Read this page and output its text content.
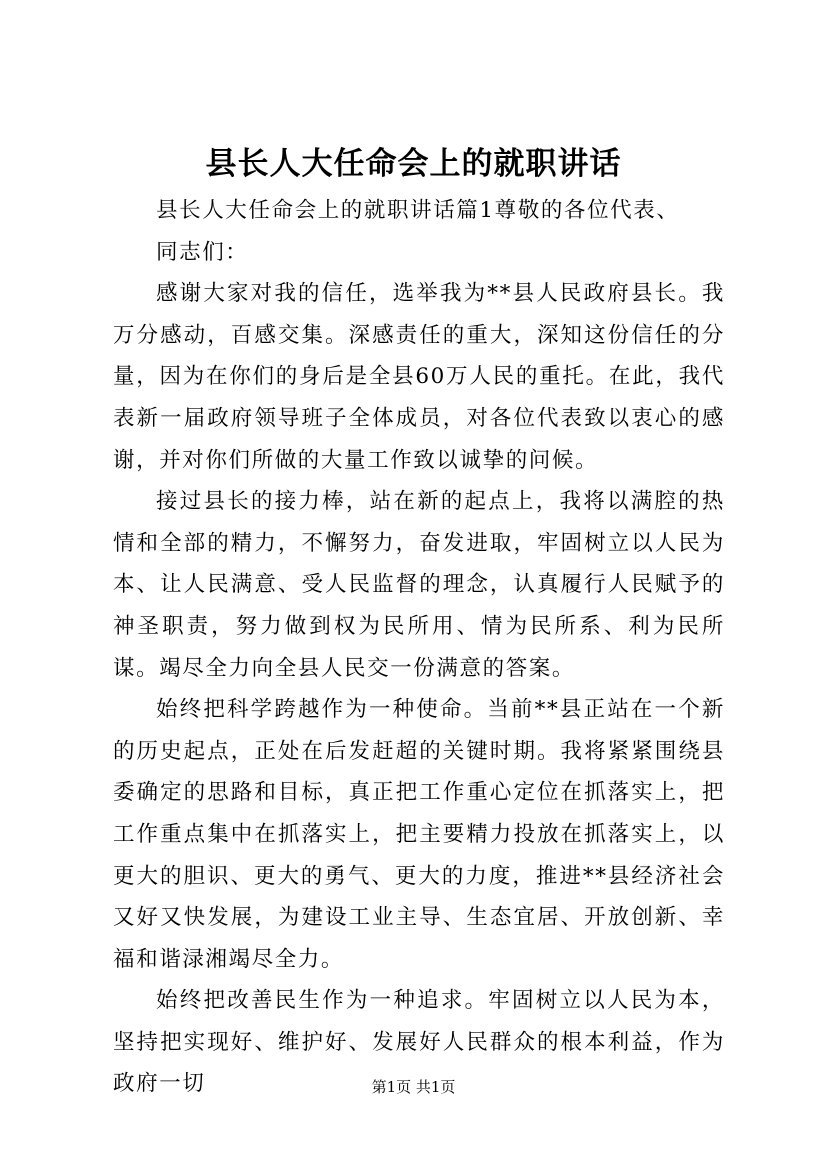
县长人大任命会上的就职讲话

县长人大任命会上的就职讲话篇1尊敬的各位代表、

同志们：

感谢大家对我的信任，选举我为**县人民政府县长。我万分感动，百感交集。深感责任的重大，深知这份信任的分量，因为在你们的身后是全县60万人民的重托。在此，我代表新一届政府领导班子全体成员，对各位代表致以衷心的感谢，并对你们所做的大量工作致以诚挚的问候。

接过县长的接力棒，站在新的起点上，我将以满腔的热情和全部的精力，不懈努力，奋发进取，牢固树立以人民为本、让人民满意、受人民监督的理念，认真履行人民赋予的神圣职责，努力做到权为民所用、情为民所系、利为民所谋。竭尽全力向全县人民交一份满意的答案。

始终把科学跨越作为一种使命。当前**县正站在一个新的历史起点，正处在后发赶超的关键时期。我将紧紧围绕县委确定的思路和目标，真正把工作重心定位在抓落实上，把工作重点集中在抓落实上，把主要精力投放在抓落实上，以更大的胆识、更大的勇气、更大的力度，推进**县经济社会又好又快发展，为建设工业主导、生态宜居、开放创新、幸福和谐渌湘竭尽全力。

始终把改善民生作为一种追求。牢固树立以人民为本，坚持把实现好、维护好、发展好人民群众的根本利益，作为政府一切	第1页 共1页
